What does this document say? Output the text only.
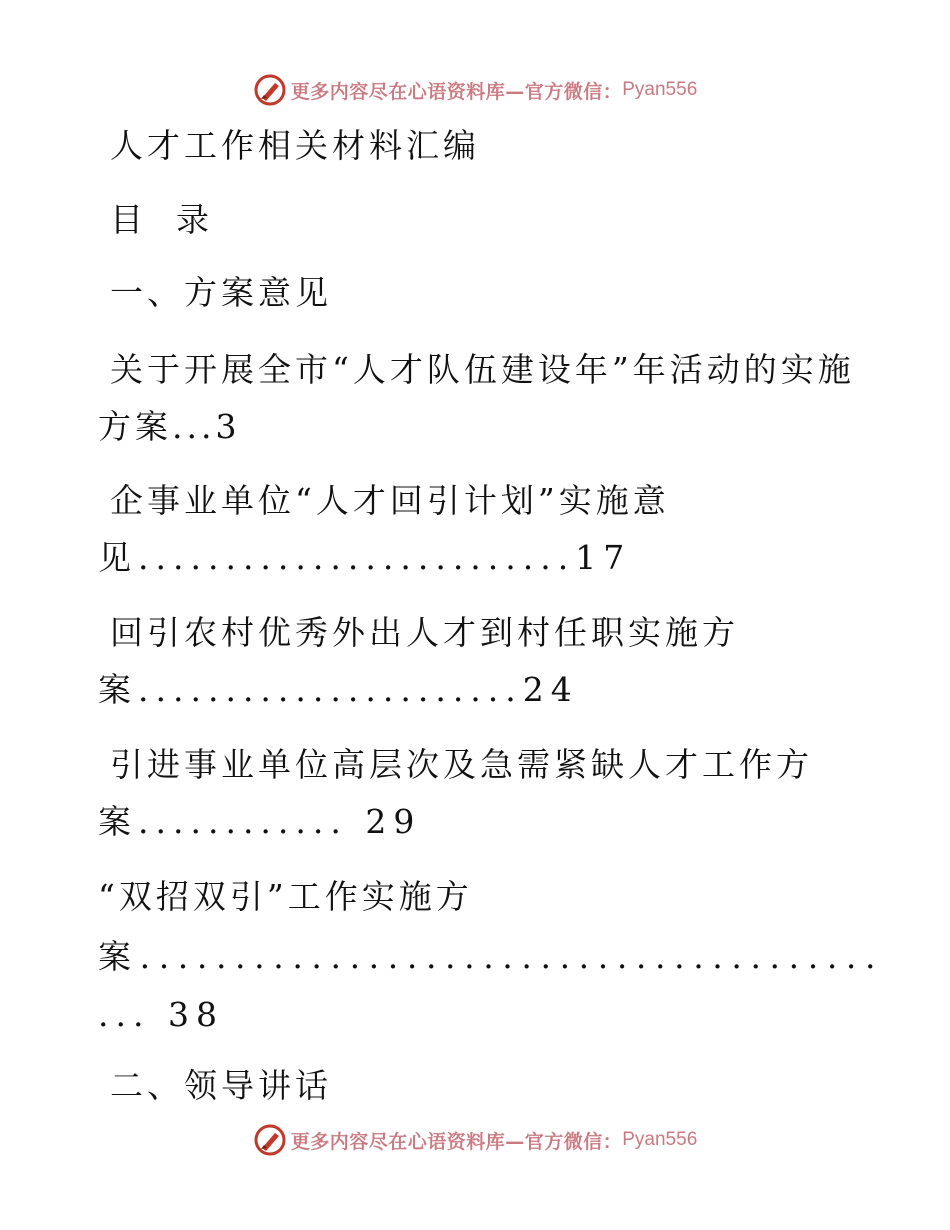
更多内容尽在心语资料库—官方微信： Pyan556
人才工作相关材料汇编
目  录
一、方案意见
关于开展全市“人才队伍建设年”年活动的实施
方案...3
企事业单位“人才回引计划”实施意
见.........................17
回引农村优秀外出人才到村任职实施方
案......................24
引进事业单位高层次及急需紧缺人才工作方
案............ 29
“双招双引”工作实施方
案.......................................
... 38
二、领导讲话
更多内容尽在心语资料库—官方微信： Pyan556
